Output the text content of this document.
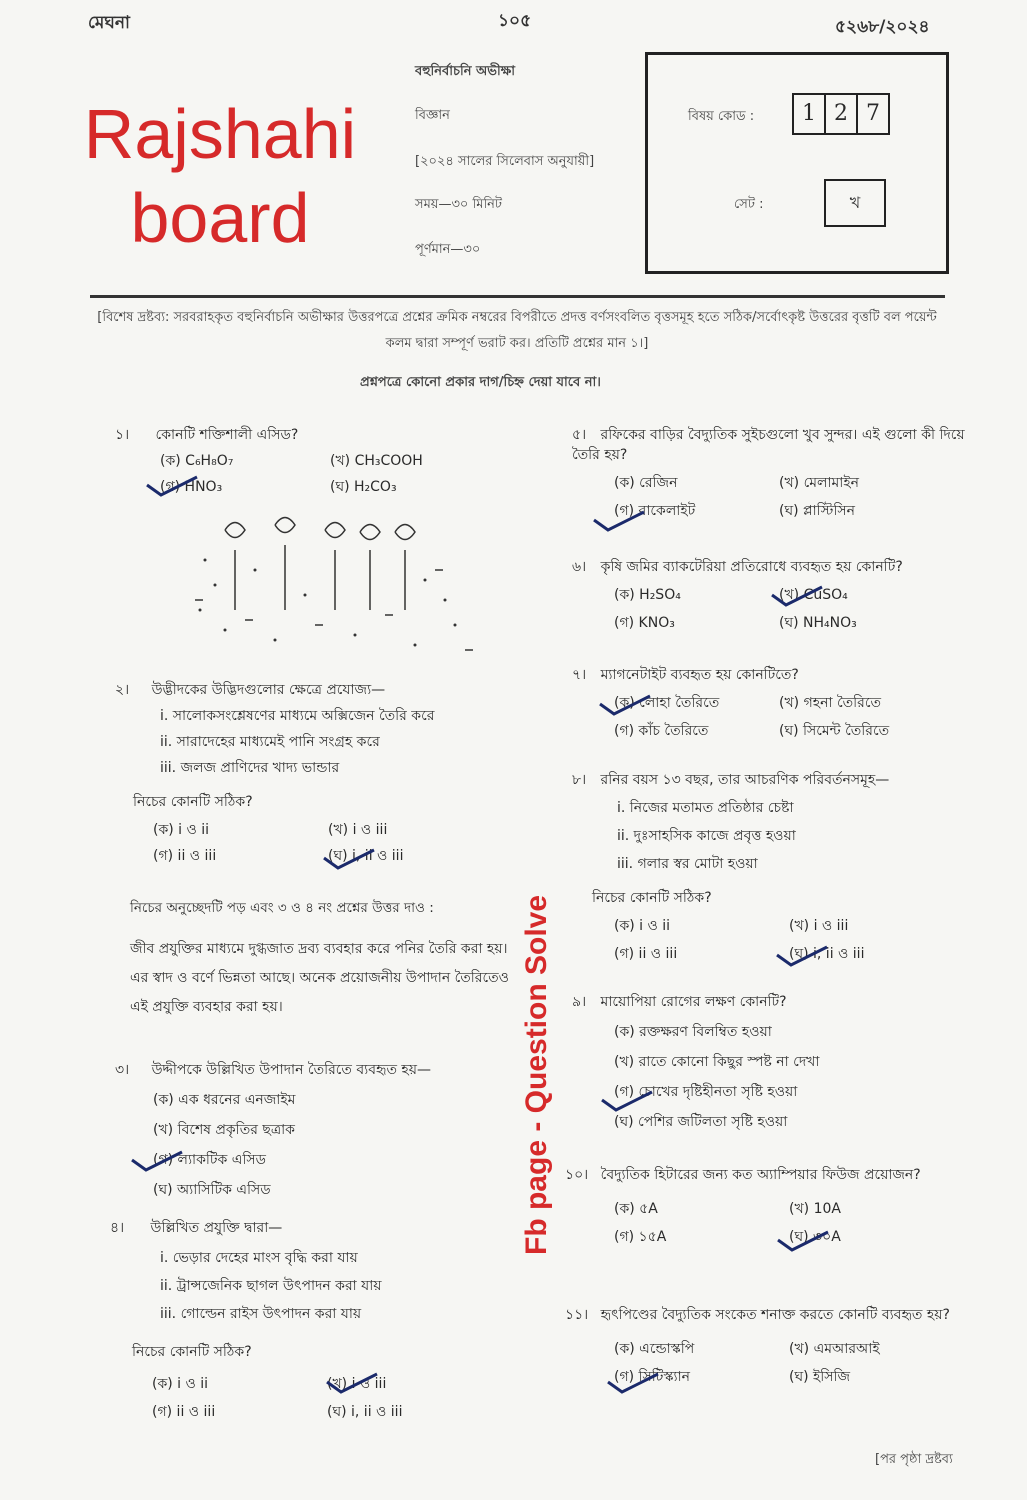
মেঘনা	১০৫	৫২৬৮/২০২৪
Rajshahi board
বহুনির্বাচনি অভীক্ষা
বিজ্ঞান
[২০২৪ সালের সিলেবাস অনুযায়ী]
সময়—৩০ মিনিট
পূর্ণমান—৩০
বিষয় কোড :	1 2 7
সেট :	খ
[বিশেষ দ্রষ্টব্য: সরবরাহকৃত বহুনির্বাচনি অভীক্ষার উত্তরপত্রে প্রশ্নের ক্রমিক নম্বরের বিপরীতে প্রদত্ত বর্ণসংবলিত বৃত্তসমূহ হতে সঠিক/সর্বোৎকৃষ্ট উত্তরের বৃত্তটি বল পয়েন্ট কলম দ্বারা সম্পূর্ণ ভরাট কর। প্রতিটি প্রশ্নের মান ১।]
প্রশ্নপত্রে কোনো প্রকার দাগ/চিহ্ন দেয়া যাবে না।
১। কোনটি শক্তিশালী এসিড?
(ক) C₆H₈O₇	(খ) CH₃COOH
(গ) HNO₃	(ঘ) H₂CO₃
২। উদ্ভীদকের উদ্ভিদগুলোর ক্ষেত্রে প্রযোজ্য—
i. সালোকসংশ্লেষণের মাধ্যমে অক্সিজেন তৈরি করে
ii. সারাদেহের মাধ্যমেই পানি সংগ্রহ করে
iii. জলজ প্রাণিদের খাদ্য ভান্ডার
নিচের কোনটি সঠিক?
(ক) i ও ii	(খ) i ও iii
(গ) ii ও iii	(ঘ) i, ii ও iii
নিচের অনুচ্ছেদটি পড় এবং ৩ ও ৪ নং প্রশ্নের উত্তর দাও :
জীব প্রযুক্তির মাধ্যমে দুগ্ধজাত দ্রব্য ব্যবহার করে পনির তৈরি করা হয়। এর স্বাদ ও বর্ণে ভিন্নতা আছে। অনেক প্রয়োজনীয় উপাদান তৈরিতেও এই প্রযুক্তি ব্যবহার করা হয়।
৩। উদ্দীপকে উল্লিখিত উপাদান তৈরিতে ব্যবহৃত হয়—
(ক) এক ধরনের এনজাইম
(খ) বিশেষ প্রকৃতির ছত্রাক
(গ) ল্যাকটিক এসিড
(ঘ) অ্যাসিটিক এসিড
৪। উল্লিখিত প্রযুক্তি দ্বারা—
i. ভেড়ার দেহের মাংস বৃদ্ধি করা যায়
ii. ট্রান্সজেনিক ছাগল উৎপাদন করা যায়
iii. গোল্ডেন রাইস উৎপাদন করা যায়
নিচের কোনটি সঠিক?
(ক) i ও ii	(খ) i ও iii
(গ) ii ও iii	(ঘ) i, ii ও iii
Fb page - Question Solve
৫। রফিকের বাড়ির বৈদ্যুতিক সুইচগুলো খুব সুন্দর। এই গুলো কী দিয়ে তৈরি হয়?
(ক) রেজিন	(খ) মেলামাইন
(গ) বাকেলাইট	(ঘ) প্লাস্টিসিন
৬। কৃষি জমির ব্যাকটেরিয়া প্রতিরোধে ব্যবহৃত হয় কোনটি?
(ক) H₂SO₄	(খ) CuSO₄
(গ) KNO₃	(ঘ) NH₄NO₃
৭। ম্যাগনেটাইট ব্যবহৃত হয় কোনটিতে?
(ক) লোহা তৈরিতে	(খ) গহনা তৈরিতে
(গ) কাঁচ তৈরিতে	(ঘ) সিমেন্ট তৈরিতে
৮। রনির বয়স ১৩ বছর, তার আচরণিক পরিবর্তনসমূহ—
i. নিজের মতামত প্রতিষ্ঠার চেষ্টা
ii. দুঃসাহসিক কাজে প্রবৃত্ত হওয়া
iii. গলার স্বর মোটা হওয়া
নিচের কোনটি সঠিক?
(ক) i ও ii	(খ) i ও iii
(গ) ii ও iii	(ঘ) i, ii ও iii
৯। মায়োপিয়া রোগের লক্ষণ কোনটি?
(ক) রক্তক্ষরণ বিলম্বিত হওয়া
(খ) রাতে কোনো কিছুর স্পষ্ট না দেখা
(গ) চোখের দৃষ্টিহীনতা সৃষ্টি হওয়া
(ঘ) পেশির জটিলতা সৃষ্টি হওয়া
১০। বৈদ্যুতিক হিটারের জন্য কত অ্যাম্পিয়ার ফিউজ প্রয়োজন?
(ক) ৫A	(খ) 10A
(গ) ১৫A	(ঘ) ৩০A
১১। হৃৎপিণ্ডের বৈদ্যুতিক সংকেত শনাক্ত করতে কোনটি ব্যবহৃত হয়?
(ক) এন্ডোস্কপি	(খ) এমআরআই
(গ) সিটিস্ক্যান	(ঘ) ইসিজি
[পর পৃষ্ঠা দ্রষ্টব্য
